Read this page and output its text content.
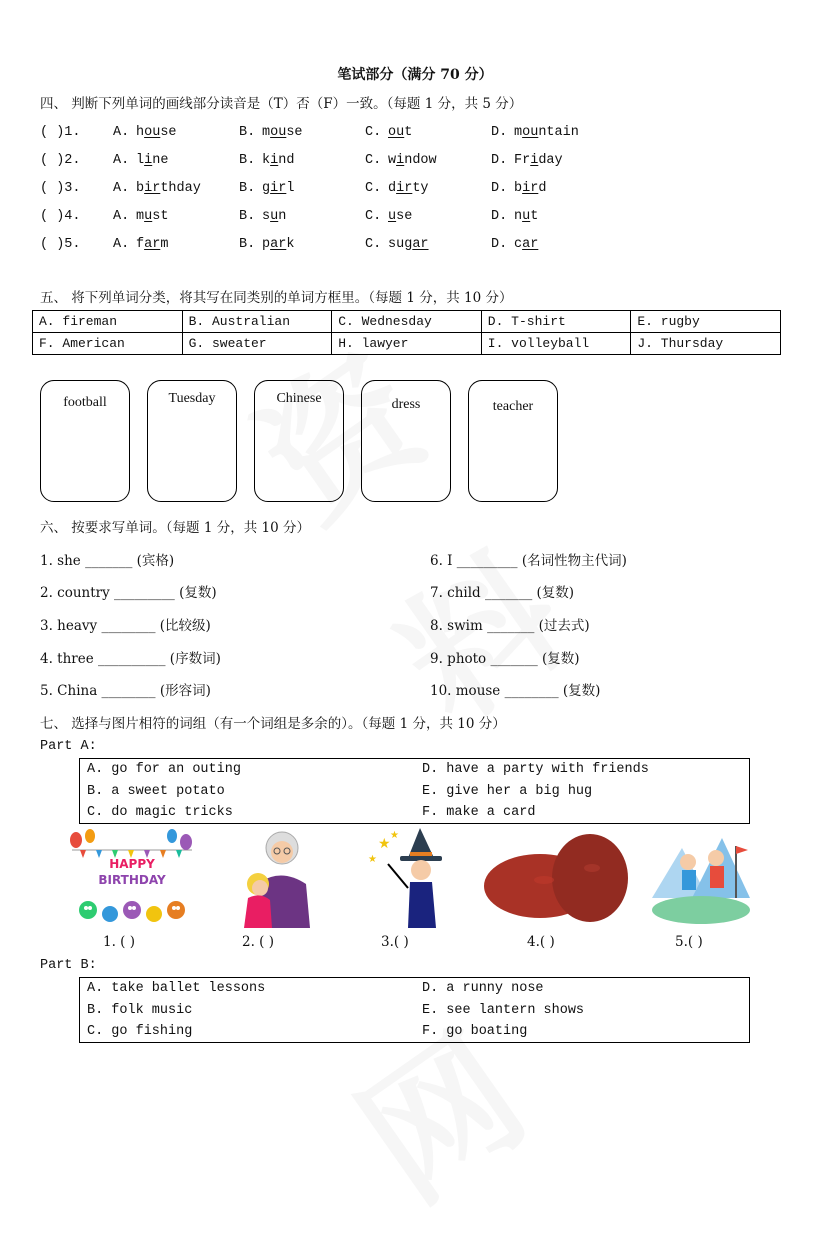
笔试部分（满分 70 分）
四、 判断下列单词的画线部分读音是（T）否（F）一致。（每题 1 分，共 5 分）
( )1. A. house	B. mouse	C. out	D. mountain
( )2. A. line	B. kind	C. window	D. Friday
( )3. A. birthday	B. girl	C. dirty	D. bird
( )4. A. must	B. sun	C. use	D. nut
( )5. A. farm	B. park	C. sugar	D. car
五、 将下列单词分类，将其写在同类别的单词方框里。（每题 1 分，共 10 分）
A. fireman	B. Australian	C. Wednesday	D. T-shirt	E. rugby
F. American	G. sweater	H. lawyer	I. volleyball	J. Thursday
football	Tuesday	Chinese	dress	teacher
六、 按要求写单词。（每题 1 分，共 10 分）
1. she _______ (宾格)
2. country _________ (复数)
3. heavy ________ (比较级)
4. three __________ (序数词)
5. China ________ (形容词)
6. I _________ (名词性物主代词)
7. child _______ (复数)
8. swim _______ (过去式)
9. photo _______ (复数)
10. mouse ________ (复数)
七、 选择与图片相符的词组（有一个词组是多余的）。（每题 1 分，共 10 分）
Part A:
A. go for an outing
B. a sweet potato
C. do magic tricks
D. have a party with friends
E. give her a big hug
F. make a card
HAPPY
BIRTHDAY
★
★
★
1. ( )	2. ( )	3.( )	4.( )	5.( )
Part B:
A. take ballet lessons
B. folk music
C. go fishing
D. a runny nose
E. see lantern shows
F. go boating
